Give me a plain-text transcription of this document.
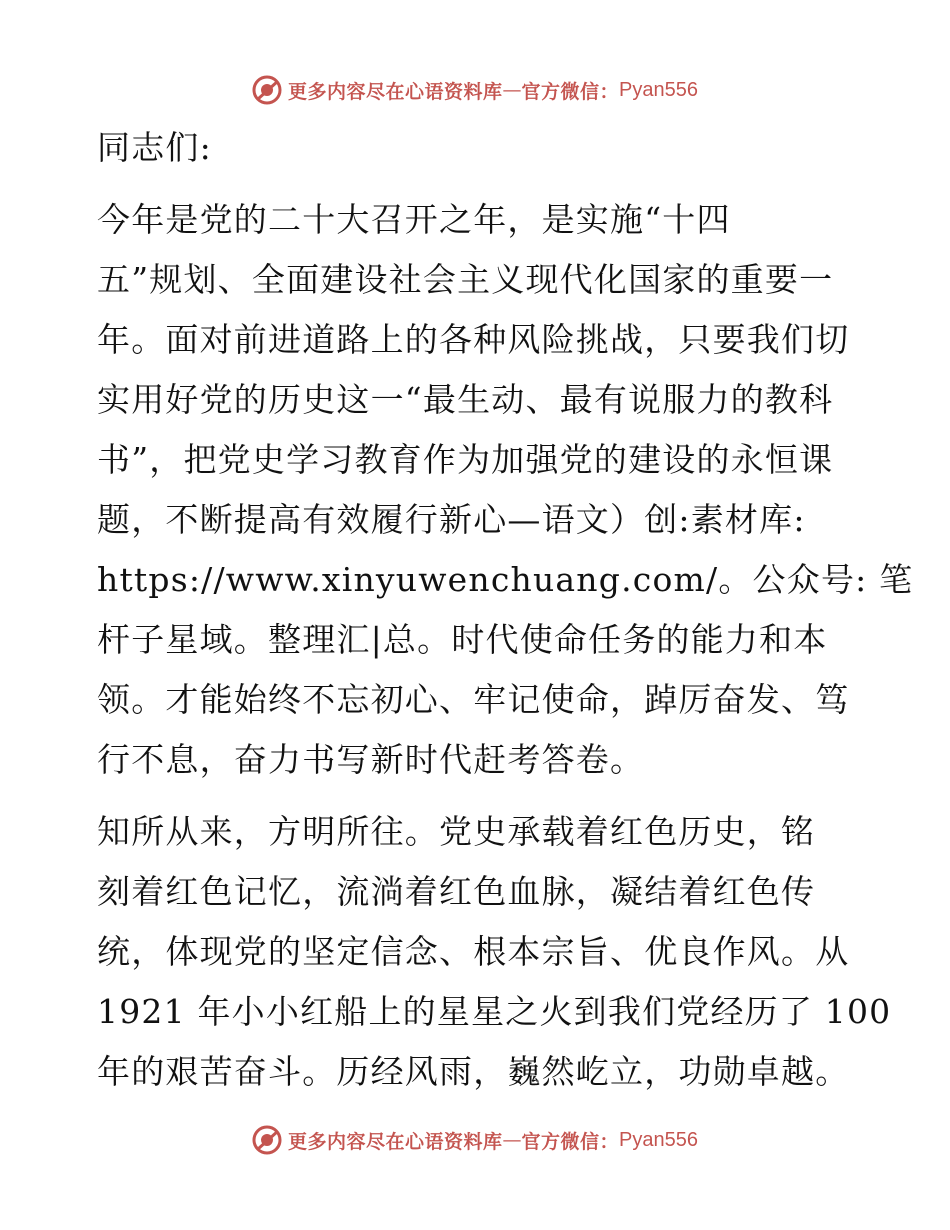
更多内容尽在心语资料库 — 官方微信： Pyan556
同志们:
今年是党的二十大召开之年，是实施“十四
五”规划、全面建设社会主义现代化国家的重要一
年。面对前进道路上的各种风险挑战，只要我们切
实用好党的历史这一“最生动、最有说服力的教科
书”，把党史学习教育作为加强党的建设的永恒课
题，不断提高有效履行新心—语文）创:素材库:
https://www.xinyuwenchuang.com/。公众号: 笔
杆子星域。整理汇|总。时代使命任务的能力和本
领。才能始终不忘初心、牢记使命，踔厉奋发、笃
行不息，奋力书写新时代赶考答卷。
知所从来，方明所往。党史承载着红色历史，铭
刻着红色记忆，流淌着红色血脉，凝结着红色传
统，体现党的坚定信念、根本宗旨、优良作风。从
1921 年小小红船上的星星之火到我们党经历了 100
年的艰苦奋斗。历经风雨，巍然屹立，功勋卓越。
更多内容尽在心语资料库 — 官方微信： Pyan556
